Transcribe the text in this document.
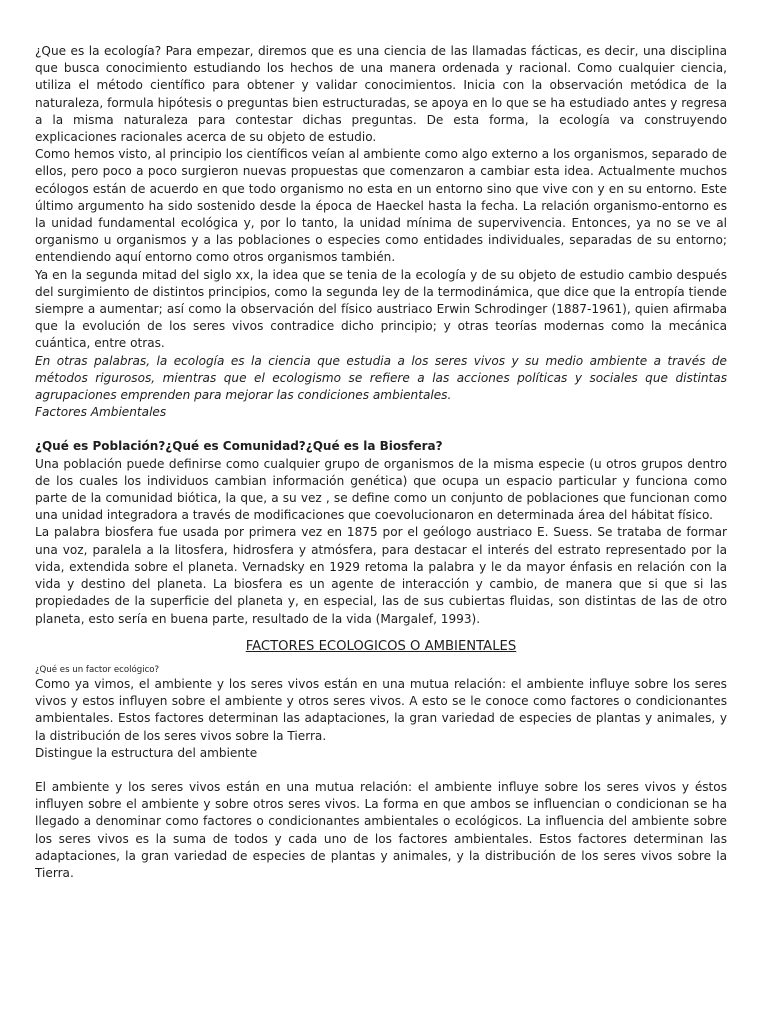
¿Que es la ecología? Para empezar, diremos que es una ciencia de las llamadas fácticas, es decir, una disciplina que busca conocimiento estudiando los hechos de una manera ordenada y racional. Como cualquier ciencia, utiliza el método científico para obtener y validar conocimientos. Inicia con la observación metódica de la naturaleza, formula hipótesis o preguntas bien estructuradas, se apoya en lo que se ha estudiado antes y regresa a la misma naturaleza para contestar dichas preguntas. De esta forma, la ecología va construyendo explicaciones racionales acerca de su objeto de estudio.

Como hemos visto, al principio los científicos veían al ambiente como algo externo a los organismos, separado de ellos, pero poco a poco surgieron nuevas propuestas que comenzaron a cambiar esta idea. Actualmente muchos ecólogos están de acuerdo en que todo organismo no esta en un entorno sino que vive con y en su entorno. Este último argumento ha sido sostenido desde la época de Haeckel hasta la fecha. La relación organismo-entorno es la unidad fundamental ecológica y, por lo tanto, la unidad mínima de supervivencia. Entonces, ya no se ve al organismo u organismos y a las poblaciones o especies como entidades individuales, separadas de su entorno; entendiendo aquí entorno como otros organismos también.

Ya en la segunda mitad del siglo xx, la idea que se tenia de la ecología y de su objeto de estudio cambio después del surgimiento de distintos principios, como la segunda ley de la termodinámica, que dice que la entropía tiende siempre a aumentar; así como la observación del físico austriaco Erwin Schrodinger (1887-1961), quien afirmaba que la evolución de los seres vivos contradice dicho principio; y otras teorías modernas como la mecánica cuántica, entre otras.

En otras palabras, la ecología es la ciencia que estudia a los seres vivos y su medio ambiente a través de métodos rigurosos, mientras que el ecologismo se refiere a las acciones políticas y sociales que distintas agrupaciones emprenden para mejorar las condiciones ambientales.

Factores Ambientales

¿Qué es Población?¿Qué es Comunidad?¿Qué es la Biosfera?

Una población puede definirse como cualquier grupo de organismos de la misma especie (u otros grupos dentro de los cuales los individuos cambian información genética) que ocupa un espacio particular y funciona como parte de la comunidad biótica, la que, a su vez , se define como un conjunto de poblaciones que funcionan como una unidad integradora a través de modificaciones que coevolucionaron en determinada área del hábitat físico.

La palabra biosfera fue usada por primera vez en 1875 por el geólogo austriaco E. Suess. Se trataba de formar una voz, paralela a la litosfera, hidrosfera y atmósfera, para destacar el interés del estrato representado por la vida, extendida sobre el planeta. Vernadsky en 1929 retoma la palabra y le da mayor énfasis en relación con la vida y destino del planeta. La biosfera es un agente de interacción y cambio, de manera que si que si las propiedades de la superficie del planeta y, en especial, las de sus cubiertas fluidas, son distintas de las de otro planeta, esto sería en buena parte, resultado de la vida (Margalef, 1993).

FACTORES ECOLOGICOS O AMBIENTALES

¿Qué es un factor ecológico?

Como ya vimos, el ambiente y los seres vivos están en una mutua relación: el ambiente influye sobre los seres vivos y estos influyen sobre el ambiente y otros seres vivos. A esto se le conoce como factores o condicionantes ambientales. Estos factores determinan las adaptaciones, la gran variedad de especies de plantas y animales, y la distribución de los seres vivos sobre la Tierra.

Distingue la estructura del ambiente

El ambiente y los seres vivos están en una mutua relación: el ambiente influye sobre los seres vivos y éstos influyen sobre el ambiente y sobre otros seres vivos. La forma en que ambos se influencian o condicionan se ha llegado a denominar como factores o condicionantes ambientales o ecológicos. La influencia del ambiente sobre los seres vivos es la suma de todos y cada uno de los factores ambientales. Estos factores determinan las adaptaciones, la gran variedad de especies de plantas y animales, y la distribución de los seres vivos sobre la Tierra.
